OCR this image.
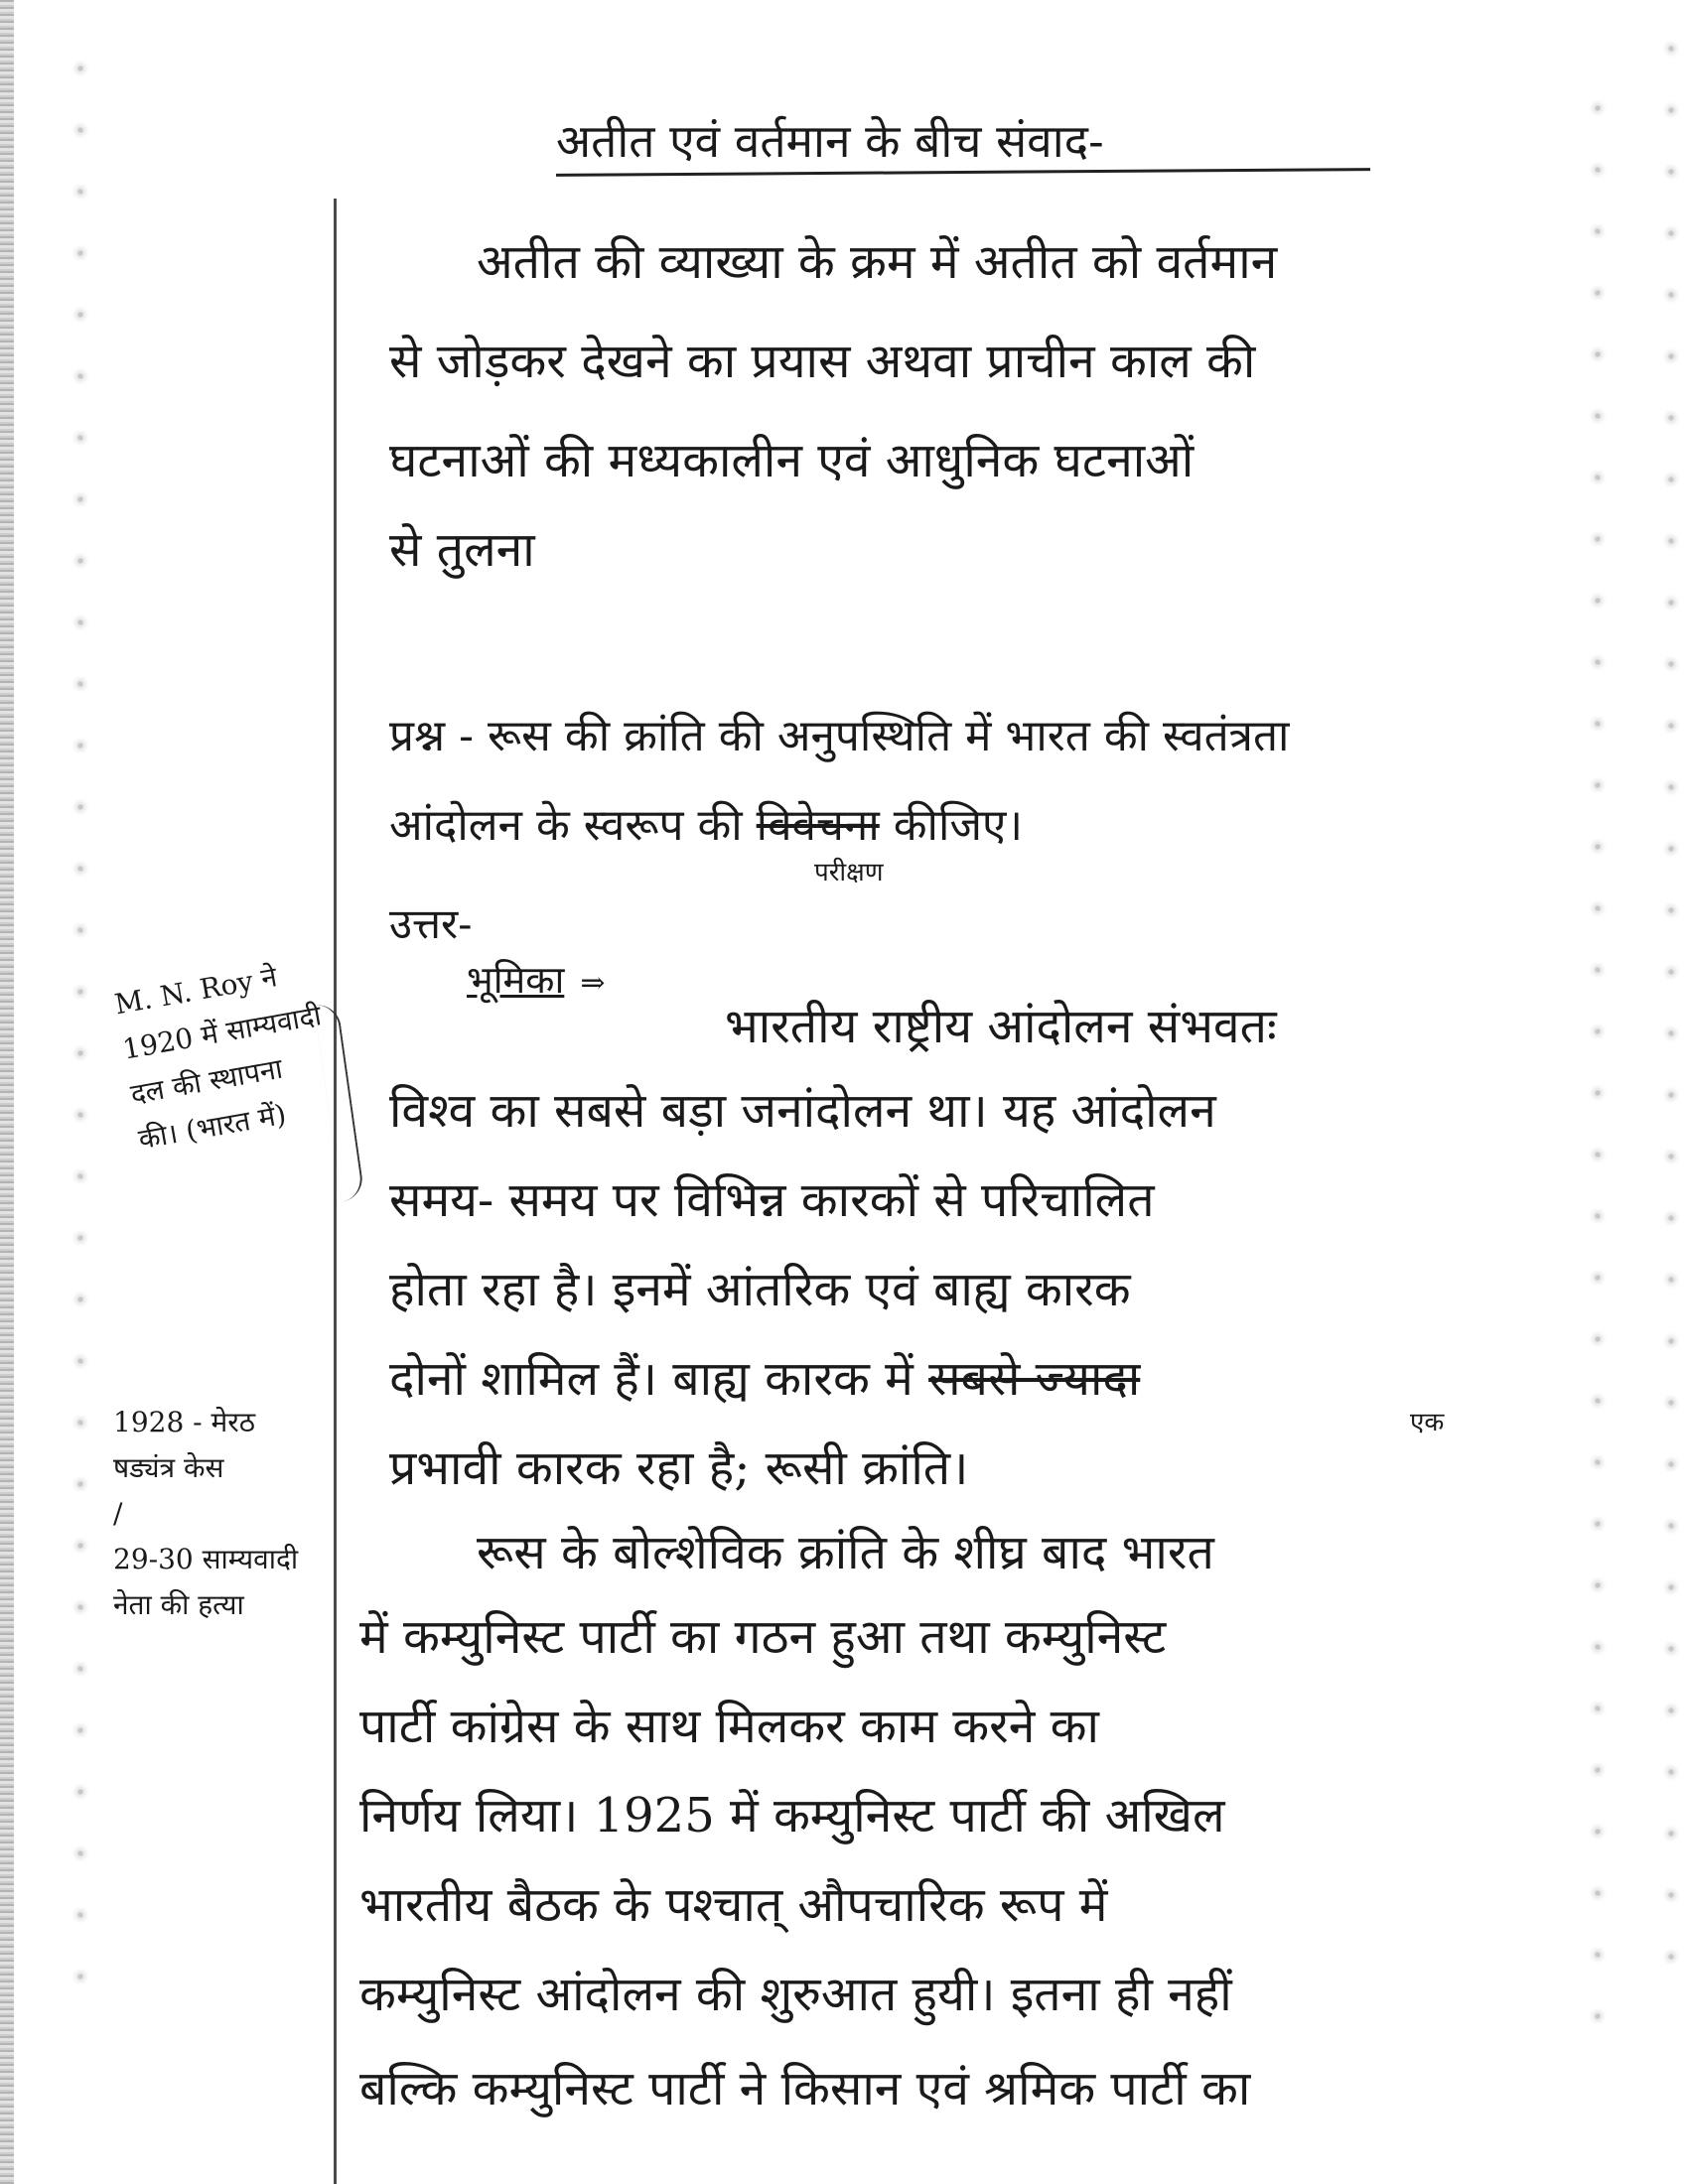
अतीत एवं वर्तमान के बीच संवाद-
अतीत की व्याख्या के क्रम में अतीत को वर्तमान
से जोड़कर देखने का प्रयास अथवा प्राचीन काल की
घटनाओं की मध्यकालीन एवं आधुनिक घटनाओं
से तुलना
प्रश्न - रूस की क्रांति की अनुपस्थिति में भारत की स्वतंत्रता
आंदोलन के स्वरूप की विवेचना कीजिए।
परीक्षण
उत्तर-
भूमिका ⇒
भारतीय राष्ट्रीय आंदोलन संभवतः
विश्व का सबसे बड़ा जनांदोलन था। यह आंदोलन
समय- समय पर विभिन्न कारकों से परिचालित
होता रहा है। इनमें आंतरिक एवं बाह्य कारक
दोनों शामिल हैं। बाह्य कारक में सबसे ज्यादा
एक
प्रभावी कारक रहा है; रूसी क्रांति।
रूस के बोल्शेविक क्रांति के शीघ्र बाद भारत
में कम्युनिस्ट पार्टी का गठन हुआ तथा कम्युनिस्ट
पार्टी कांग्रेस के साथ मिलकर काम करने का
निर्णय लिया। 1925 में कम्युनिस्ट पार्टी की अखिल
भारतीय बैठक के पश्चात् औपचारिक रूप में
कम्युनिस्ट आंदोलन की शुरुआत हुयी। इतना ही नहीं
बल्कि कम्युनिस्ट पार्टी ने किसान एवं श्रमिक पार्टी का
M. N. Roy ने
1920 में साम्यवादी
दल की स्थापना
की। (भारत में)
1928 - मेरठ
षड्यंत्र केस
/
29-30 साम्यवादी
नेता की हत्या
